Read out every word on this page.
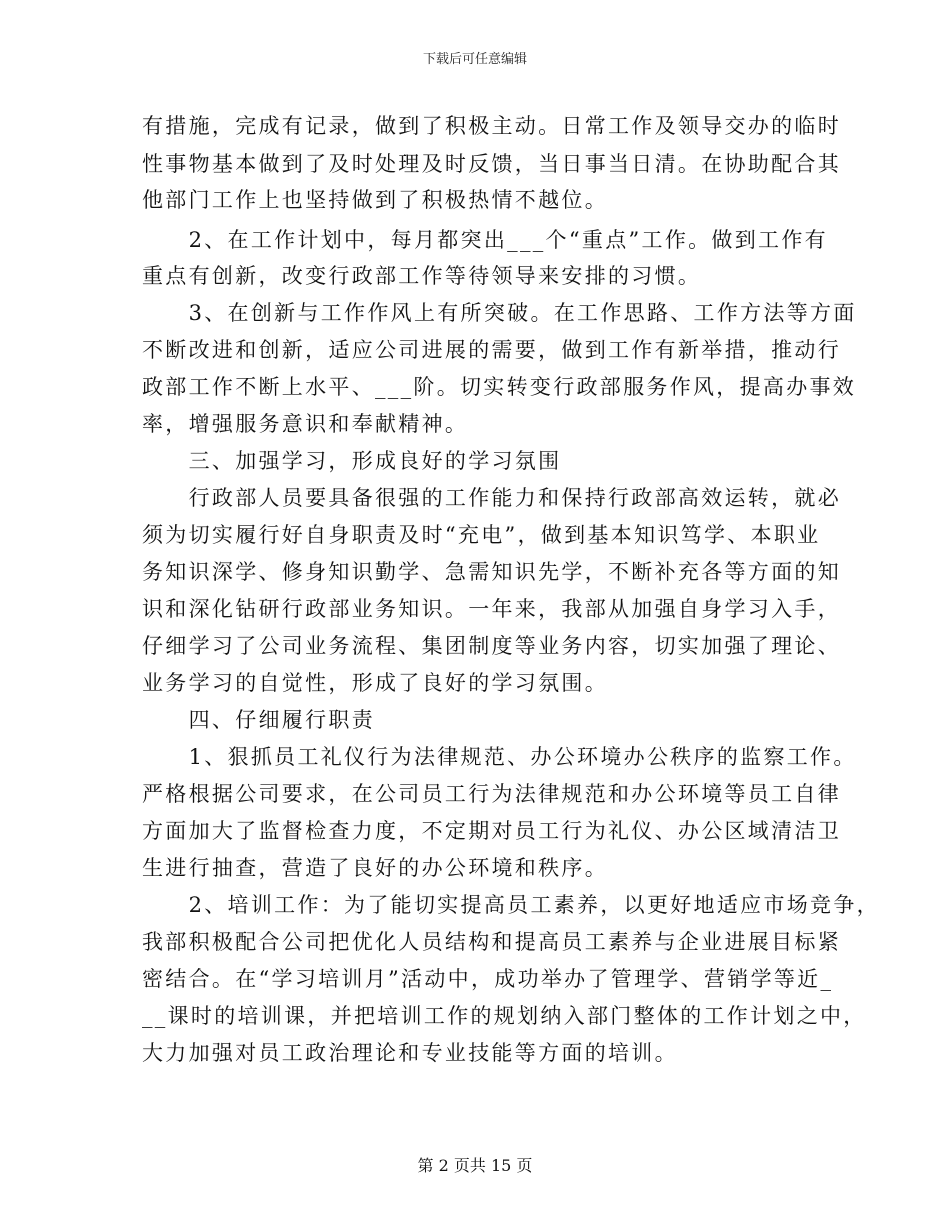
下载后可任意编辑
有措施，完成有记录，做到了积极主动。日常工作及领导交办的临时
性事物基本做到了及时处理及时反馈，当日事当日清。在协助配合其
他部门工作上也坚持做到了积极热情不越位。
　　2、在工作计划中，每月都突出___个“重点”工作。做到工作有
重点有创新，改变行政部工作等待领导来安排的习惯。
　　3、在创新与工作作风上有所突破。在工作思路、工作方法等方面
不断改进和创新，适应公司进展的需要，做到工作有新举措，推动行
政部工作不断上水平、___阶。切实转变行政部服务作风，提高办事效
率，增强服务意识和奉献精神。
　　三、加强学习，形成良好的学习氛围
　　行政部人员要具备很强的工作能力和保持行政部高效运转，就必
须为切实履行好自身职责及时“充电”，做到基本知识笃学、本职业
务知识深学、修身知识勤学、急需知识先学，不断补充各等方面的知
识和深化钻研行政部业务知识。一年来，我部从加强自身学习入手，
仔细学习了公司业务流程、集团制度等业务内容，切实加强了理论、
业务学习的自觉性，形成了良好的学习氛围。
　　四、仔细履行职责
　　1、狠抓员工礼仪行为法律规范、办公环境办公秩序的监察工作。
严格根据公司要求，在公司员工行为法律规范和办公环境等员工自律
方面加大了监督检查力度，不定期对员工行为礼仪、办公区域清洁卫
生进行抽查，营造了良好的办公环境和秩序。
　　2、培训工作：为了能切实提高员工素养，以更好地适应市场竞争，
我部积极配合公司把优化人员结构和提高员工素养与企业进展目标紧
密结合。在“学习培训月”活动中，成功举办了管理学、营销学等近_
__课时的培训课，并把培训工作的规划纳入部门整体的工作计划之中，
大力加强对员工政治理论和专业技能等方面的培训。
第 2 页共 15 页
